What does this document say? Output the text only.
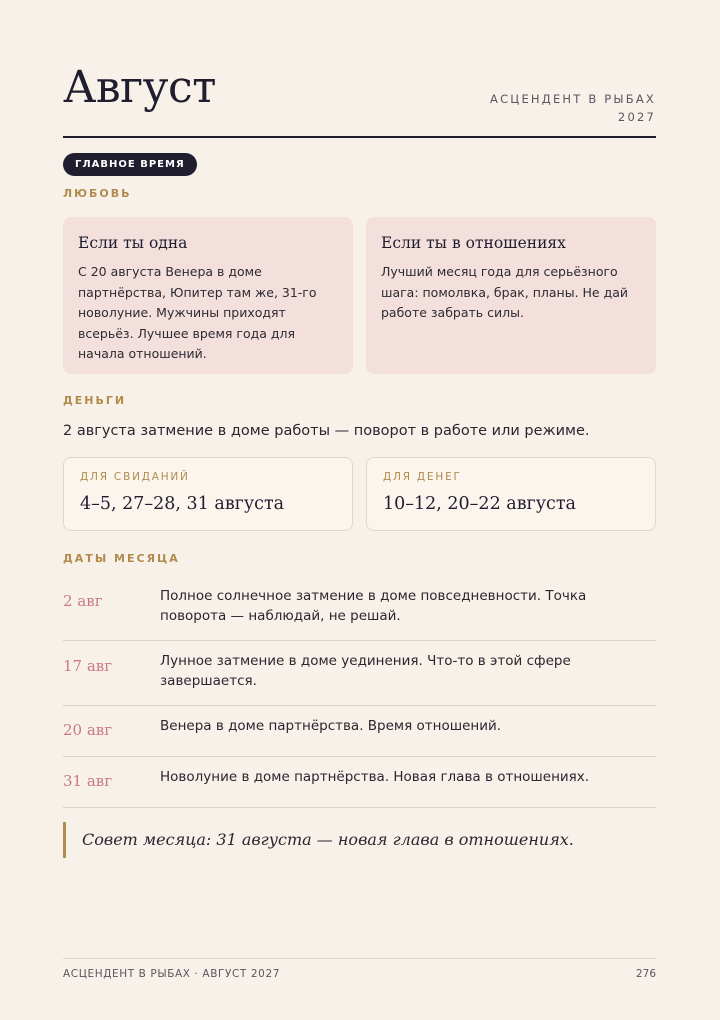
Август	АСЦЕНДЕНТ В РЫБАХ
2027
ГЛАВНОЕ ВРЕМЯ
ЛЮБОВЬ

Если ты одна

С 20 августа Венера в доме партнёрства, Юпитер там же, 31-го новолуние. Мужчины приходят всерьёз. Лучшее время года для начала отношений.

Если ты в отношениях

Лучший месяц года для серьёзного шага: помолвка, брак, планы. Не дай работе забрать силы.

ДЕНЬГИ
2 августа затмение в доме работы — поворот в работе или режиме.
ДЛЯ СВИДАНИЙ
4–5, 27–28, 31 августа
ДЛЯ ДЕНЕГ
10–12, 20–22 августа
ДАТЫ МЕСЯЦА
2 авг	Полное солнечное затмение в доме повседневности. Точка поворота — наблюдай, не решай.
17 авг	Лунное затмение в доме уединения. Что-то в этой сфере завершается.
20 авг	Венера в доме партнёрства. Время отношений.
31 авг	Новолуние в доме партнёрства. Новая глава в отношениях.
Совет месяца: 31 августа — новая глава в отношениях.
АСЦЕНДЕНТ В РЫБАХ · АВГУСТ 2027	276
